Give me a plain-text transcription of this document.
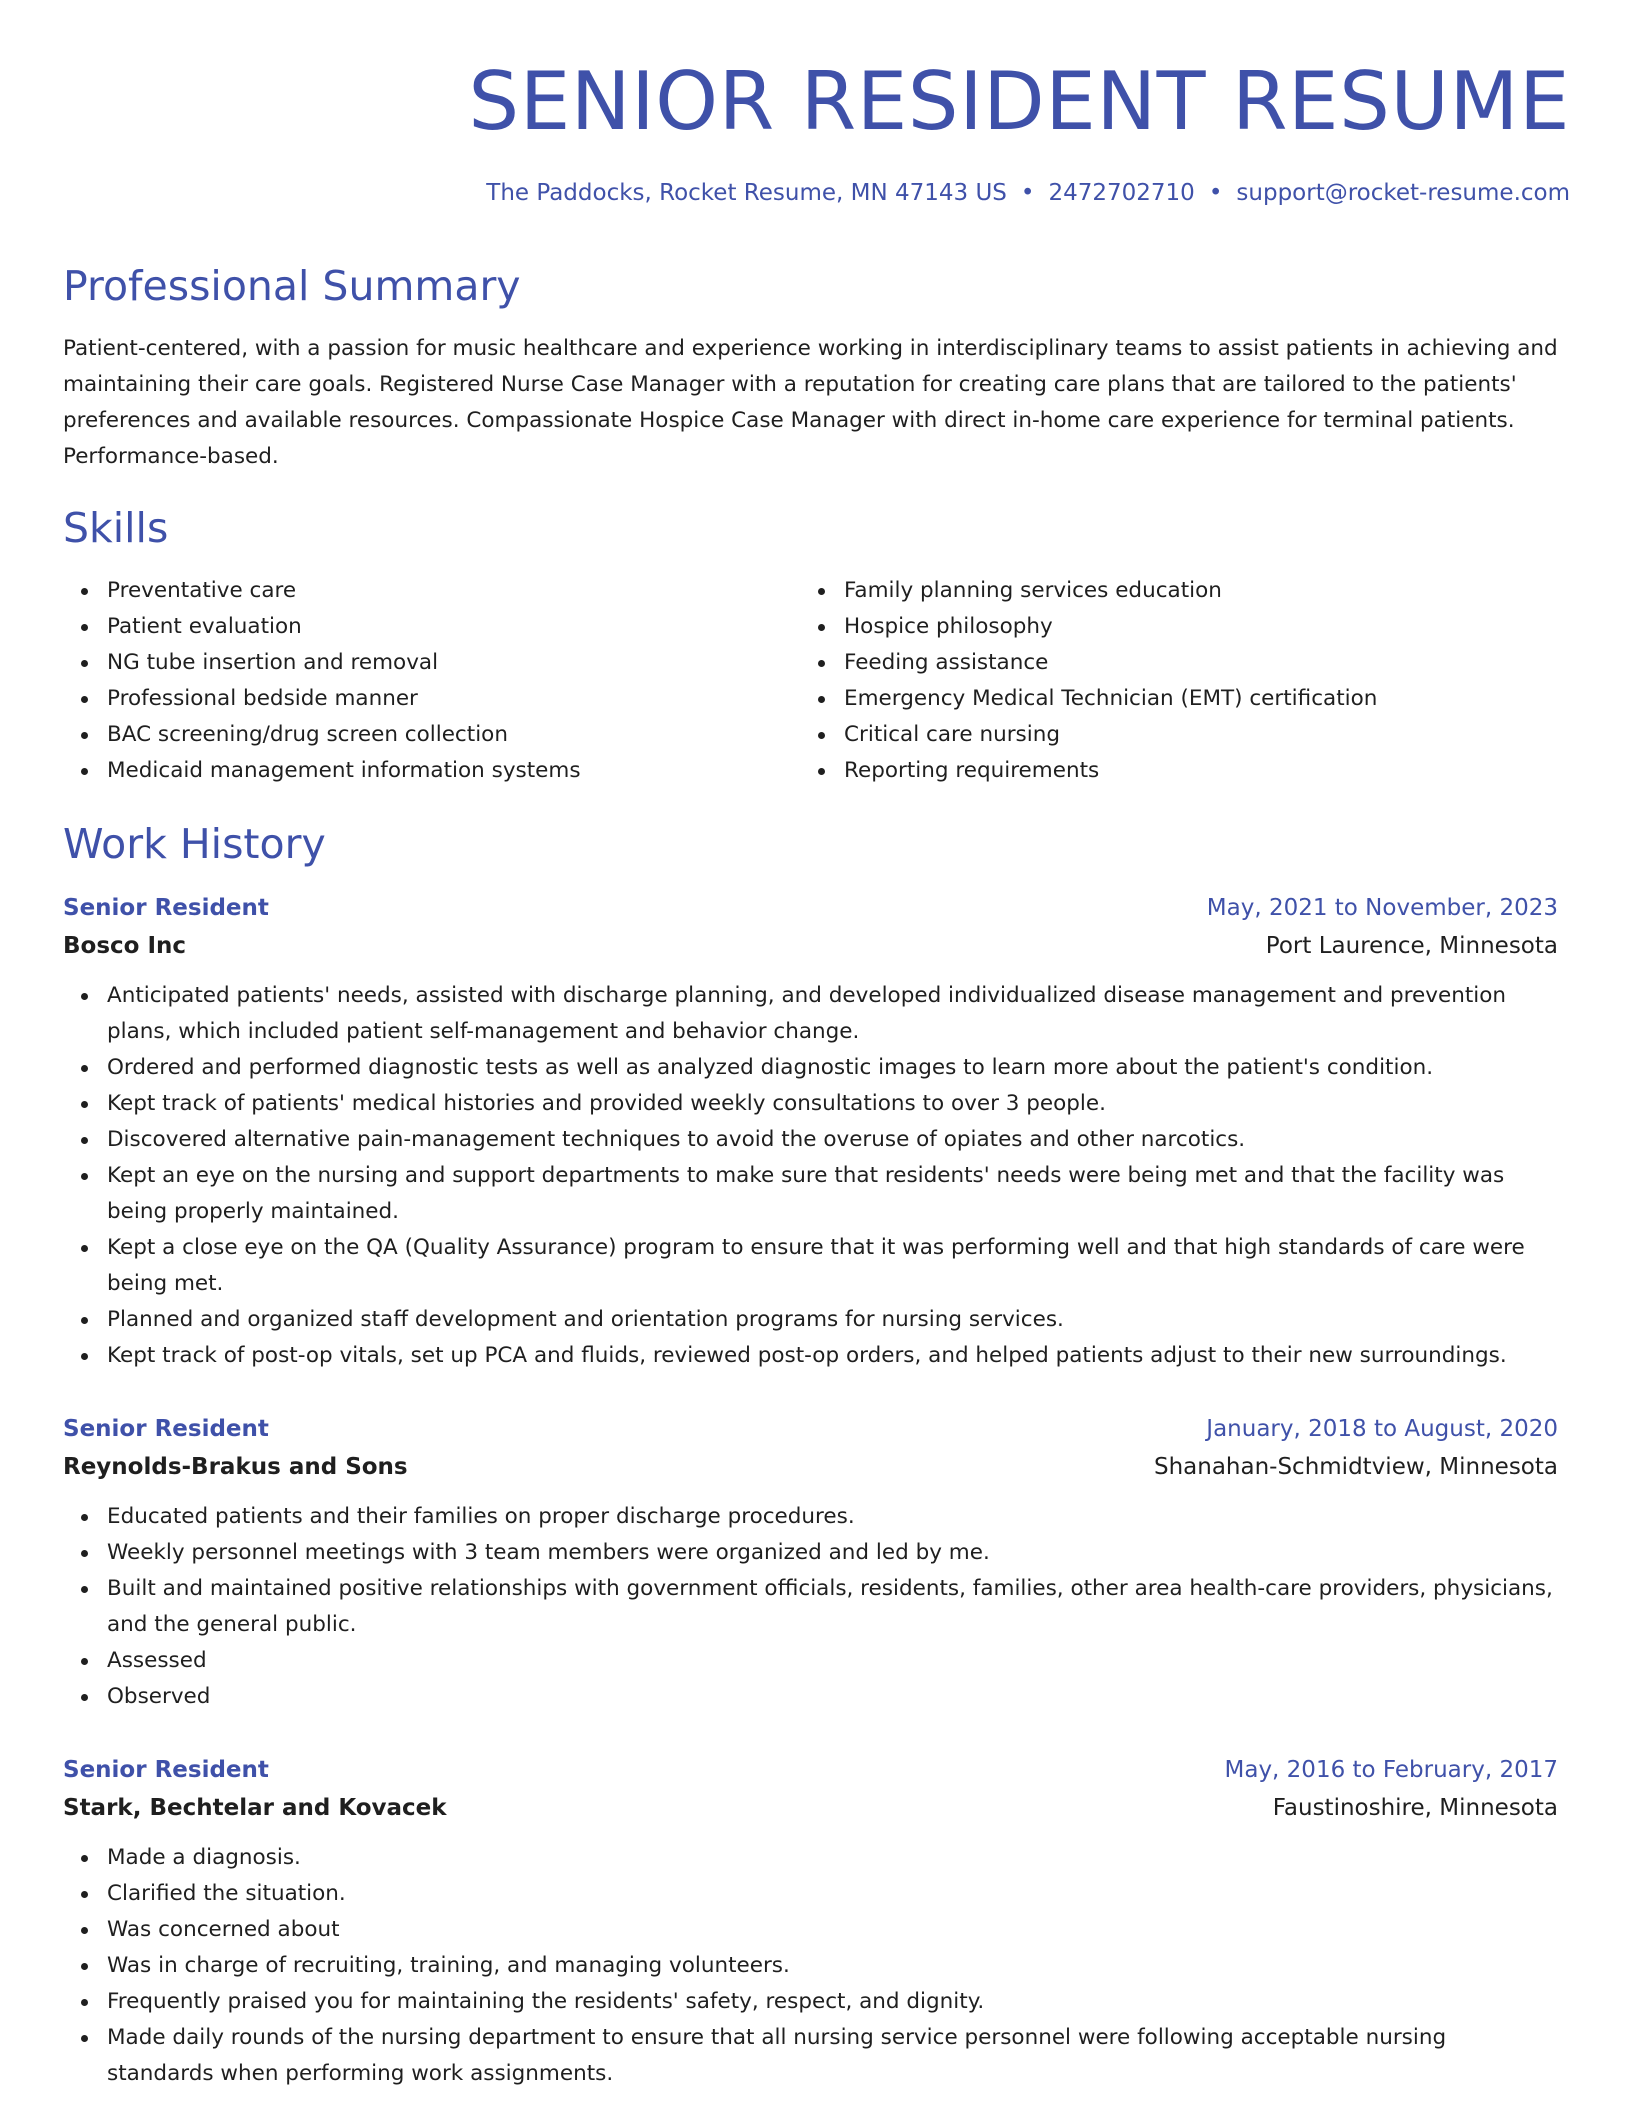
SENIOR RESIDENT RESUME
The Paddocks, Rocket Resume, MN 47143 US • 2472702710 • support@rocket-resume.com
Professional Summary
Patient-centered, with a passion for music healthcare and experience working in interdisciplinary teams to assist patients in achieving and maintaining their care goals. Registered Nurse Case Manager with a reputation for creating care plans that are tailored to the patients' preferences and available resources. Compassionate Hospice Case Manager with direct in-home care experience for terminal patients. Performance-based.
Skills
Preventative care
Patient evaluation
NG tube insertion and removal
Professional bedside manner
BAC screening/drug screen collection
Medicaid management information systems
Family planning services education
Hospice philosophy
Feeding assistance
Emergency Medical Technician (EMT) certification
Critical care nursing
Reporting requirements
Work History
Senior Resident	May, 2021 to November, 2023
Bosco Inc	Port Laurence, Minnesota
Anticipated patients' needs, assisted with discharge planning, and developed individualized disease management and prevention plans, which included patient self-management and behavior change.
Ordered and performed diagnostic tests as well as analyzed diagnostic images to learn more about the patient's condition.
Kept track of patients' medical histories and provided weekly consultations to over 3 people.
Discovered alternative pain-management techniques to avoid the overuse of opiates and other narcotics.
Kept an eye on the nursing and support departments to make sure that residents' needs were being met and that the facility was being properly maintained.
Kept a close eye on the QA (Quality Assurance) program to ensure that it was performing well and that high standards of care were being met.
Planned and organized staff development and orientation programs for nursing services.
Kept track of post-op vitals, set up PCA and fluids, reviewed post-op orders, and helped patients adjust to their new surroundings.
Senior Resident	January, 2018 to August, 2020
Reynolds-Brakus and Sons	Shanahan-Schmidtview, Minnesota
Educated patients and their families on proper discharge procedures.
Weekly personnel meetings with 3 team members were organized and led by me.
Built and maintained positive relationships with government officials, residents, families, other area health-care providers, physicians, and the general public.
Assessed
Observed
Senior Resident	May, 2016 to February, 2017
Stark, Bechtelar and Kovacek	Faustinoshire, Minnesota
Made a diagnosis.
Clarified the situation.
Was concerned about
Was in charge of recruiting, training, and managing volunteers.
Frequently praised you for maintaining the residents' safety, respect, and dignity.
Made daily rounds of the nursing department to ensure that all nursing service personnel were following acceptable nursing standards when performing work assignments.
